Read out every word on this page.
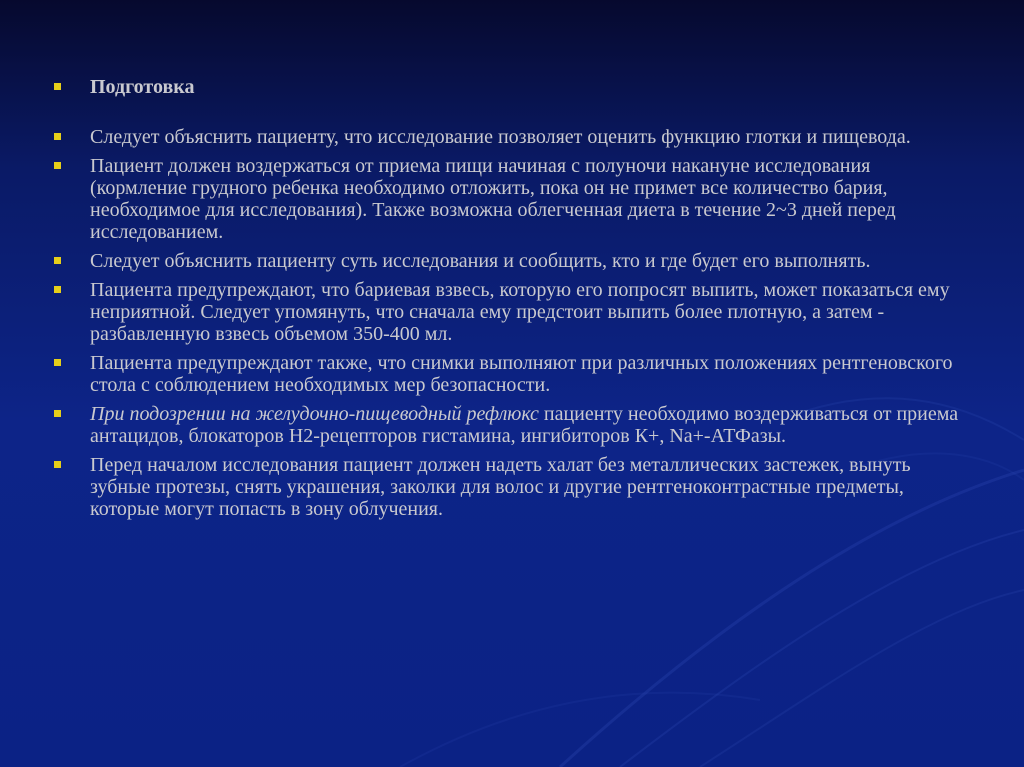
Подготовка
Следует объяснить пациенту, что исследование позволяет оценить функцию глотки и пищевода.
Пациент должен воздержаться от приема пищи начиная с полуночи накануне исследования (кормление грудного ребенка необходимо отложить, пока он не примет все количество бария, необходимое для исследования). Также возможна облегченная диета в течение 2~3 дней перед исследованием.
Следует объяснить пациенту суть исследования и сообщить, кто и где будет его выполнять.
Пациента предупреждают, что бариевая взвесь, которую его попросят выпить, может показаться ему неприятной. Следует упомянуть, что сначала ему предстоит выпить более плотную, а затем - разбавленную взвесь объемом 350-400 мл.
Пациента предупреждают также, что снимки выполняют при различных положениях рентгеновского стола с соблюдением необходимых мер безопасности.
При подозрении на желудочно-пищеводный рефлюкс пациенту необходимо воздерживаться от приема антацидов, блокаторов Н2-рецепторов гистамина, ингибиторов К+, Na+-АТФазы.
Перед началом исследования пациент должен надеть халат без металлических застежек, вынуть зубные протезы, снять украшения, заколки для волос и другие рентгеноконтрастные предметы, которые могут попасть в зону облучения.
